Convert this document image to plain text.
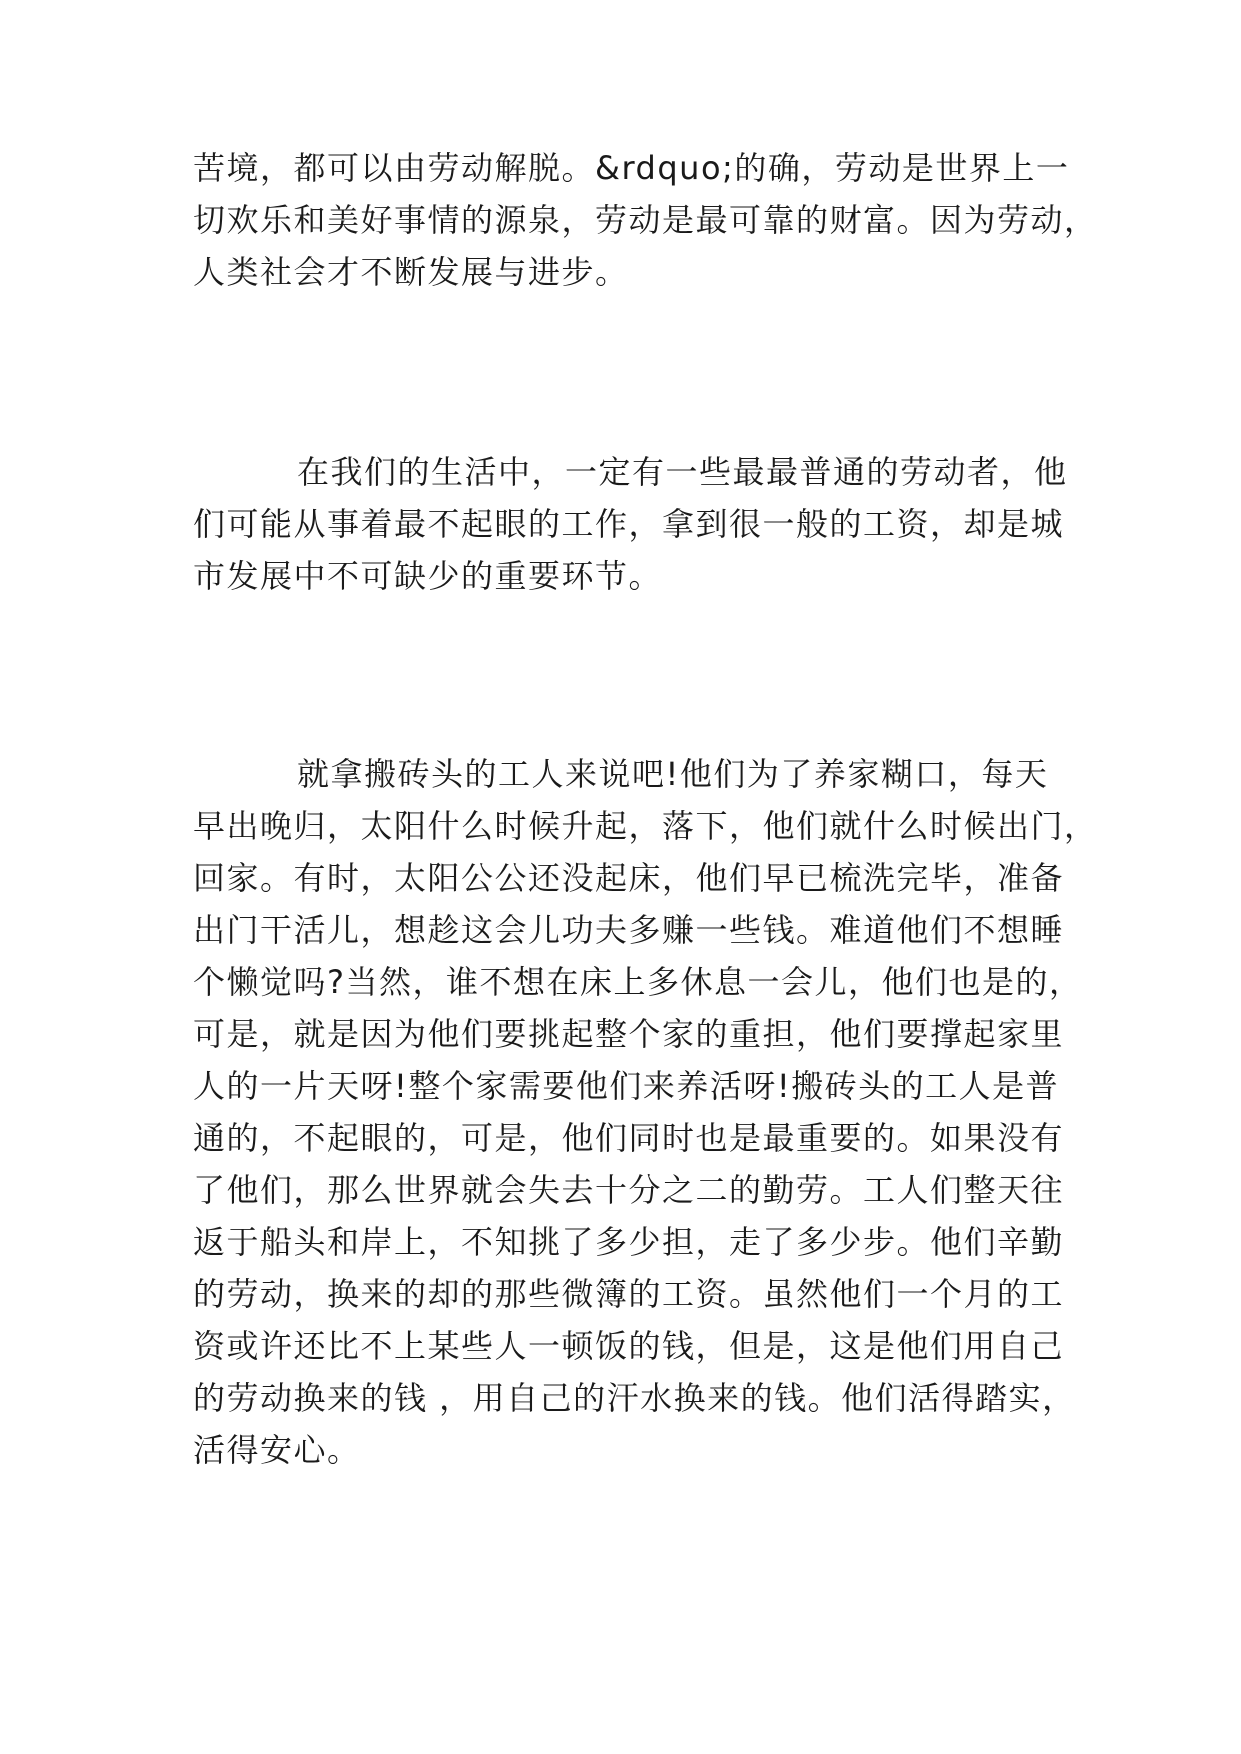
苦境，都可以由劳动解脱。&rdquo;的确，劳动是世界上一
切欢乐和美好事情的源泉，劳动是最可靠的财富。因为劳动，
人类社会才不断发展与进步。
在我们的生活中，一定有一些最最普通的劳动者，他
们可能从事着最不起眼的工作，拿到很一般的工资，却是城
市发展中不可缺少的重要环节。
就拿搬砖头的工人来说吧!他们为了养家糊口，每天
早出晚归，太阳什么时候升起，落下，他们就什么时候出门，
回家。有时，太阳公公还没起床，他们早已梳洗完毕，准备
出门干活儿，想趁这会儿功夫多赚一些钱。难道他们不想睡
个懒觉吗?当然，谁不想在床上多休息一会儿，他们也是的，
可是，就是因为他们要挑起整个家的重担，他们要撑起家里
人的一片天呀!整个家需要他们来养活呀!搬砖头的工人是普
通的，不起眼的，可是，他们同时也是最重要的。如果没有
了他们，那么世界就会失去十分之二的勤劳。工人们整天往
返于船头和岸上，不知挑了多少担，走了多少步。他们辛勤
的劳动，换来的却的那些微簿的工资。虽然他们一个月的工
资或许还比不上某些人一顿饭的钱，但是，这是他们用自己
的劳动换来的钱 ，用自己的汗水换来的钱。他们活得踏实，
活得安心。
